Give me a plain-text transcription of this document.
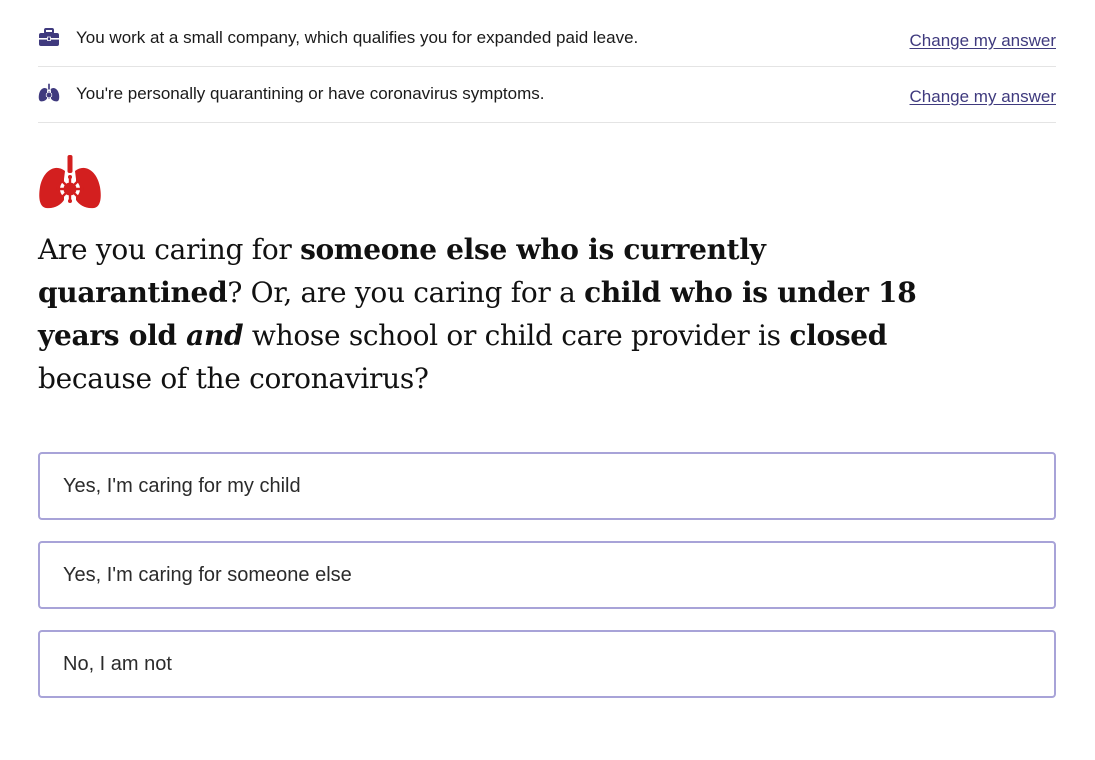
You work at a small company, which qualifies you for expanded paid leave.	Change my answer
You're personally quarantining or have coronavirus symptoms.	Change my answer
Are you caring for someone else who is currently quarantined? Or, are you caring for a child who is under 18 years old and whose school or child care provider is closed because of the coronavirus?
Yes, I'm caring for my child
Yes, I'm caring for someone else
No, I am not
